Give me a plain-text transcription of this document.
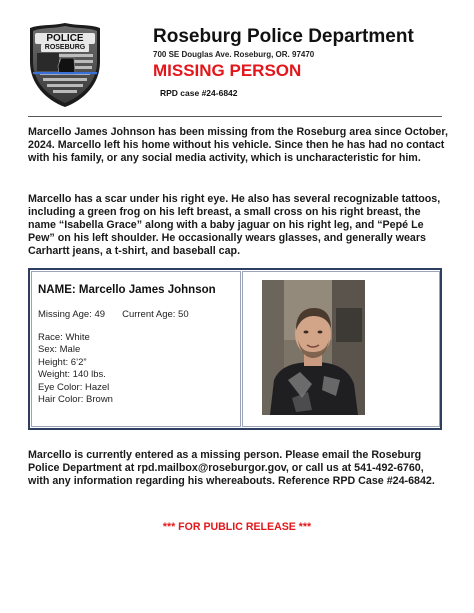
POLICE
ROSEBURG
Roseburg Police Department
700 SE Douglas Ave. Roseburg, OR. 97470
MISSING PERSON
RPD case #24-6842
Marcello James Johnson has been missing from the Roseburg area since October, 2024. Marcello left his home without his vehicle. Since then he has had no contact with his family, or any social media activity, which is uncharacteristic for him.
Marcello has a scar under his right eye. He also has several recognizable tattoos, including a green frog on his left breast, a small cross on his right breast, the name “Isabella Grace” along with a baby jaguar on his right leg, and “Pepé Le Pew” on his left shoulder. He occasionally wears glasses, and generally wears Carhartt jeans, a t-shirt, and baseball cap.
NAME: Marcello James Johnson
Missing Age: 49 Current Age: 50
Race: White
Sex: Male
Height: 6’2”
Weight: 140 lbs.
Eye Color: Hazel
Hair Color: Brown
Marcello is currently entered as a missing person. Please email the Roseburg Police Department at rpd.mailbox@roseburgor.gov, or call us at 541-492-6760, with any information regarding his whereabouts. Reference RPD Case #24-6842.
*** FOR PUBLIC RELEASE ***
